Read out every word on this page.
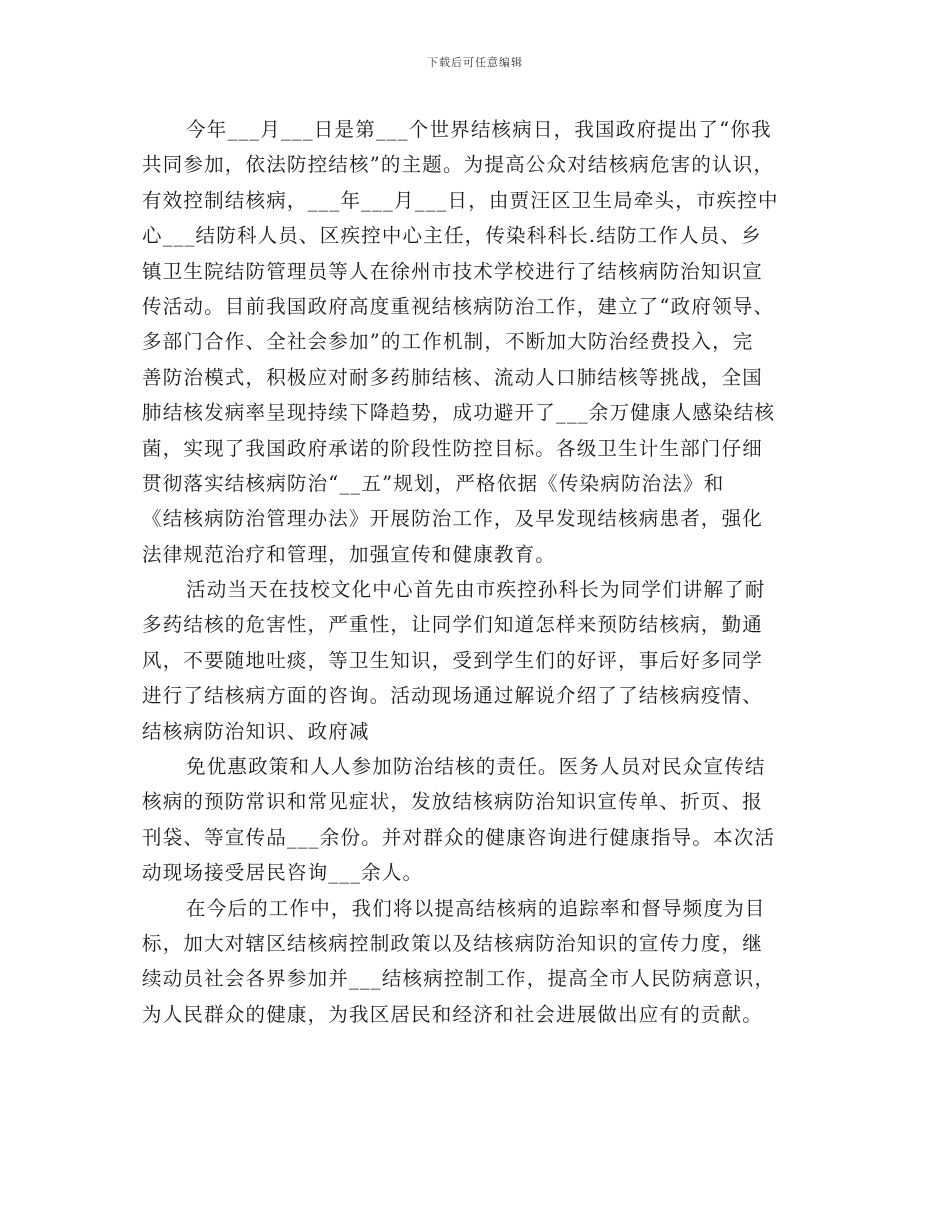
下载后可任意编辑
今年___月___日是第___个世界结核病日，我国政府提出了“你我
共同参加，依法防控结核”的主题。为提高公众对结核病危害的认识，
有效控制结核病，___年___月___日，由贾汪区卫生局牵头，市疾控中
心___结防科人员、区疾控中心主任，传染科科长.结防工作人员、乡
镇卫生院结防管理员等人在徐州市技术学校进行了结核病防治知识宣
传活动。目前我国政府高度重视结核病防治工作，建立了“政府领导、
多部门合作、全社会参加”的工作机制，不断加大防治经费投入，完
善防治模式，积极应对耐多药肺结核、流动人口肺结核等挑战，全国
肺结核发病率呈现持续下降趋势，成功避开了___余万健康人感染结核
菌，实现了我国政府承诺的阶段性防控目标。各级卫生计生部门仔细
贯彻落实结核病防治“__五”规划，严格依据《传染病防治法》和
《结核病防治管理办法》开展防治工作，及早发现结核病患者，强化
法律规范治疗和管理，加强宣传和健康教育。
活动当天在技校文化中心首先由市疾控孙科长为同学们讲解了耐
多药结核的危害性，严重性，让同学们知道怎样来预防结核病，勤通
风，不要随地吐痰，等卫生知识，受到学生们的好评，事后好多同学
进行了结核病方面的咨询。活动现场通过解说介绍了了结核病疫情、
结核病防治知识、政府减
免优惠政策和人人参加防治结核的责任。医务人员对民众宣传结
核病的预防常识和常见症状，发放结核病防治知识宣传单、折页、报
刊袋、等宣传品___余份。并对群众的健康咨询进行健康指导。本次活
动现场接受居民咨询___余人。
在今后的工作中，我们将以提高结核病的追踪率和督导频度为目
标，加大对辖区结核病控制政策以及结核病防治知识的宣传力度，继
续动员社会各界参加并___结核病控制工作，提高全市人民防病意识，
为人民群众的健康，为我区居民和经济和社会进展做出应有的贡献。
